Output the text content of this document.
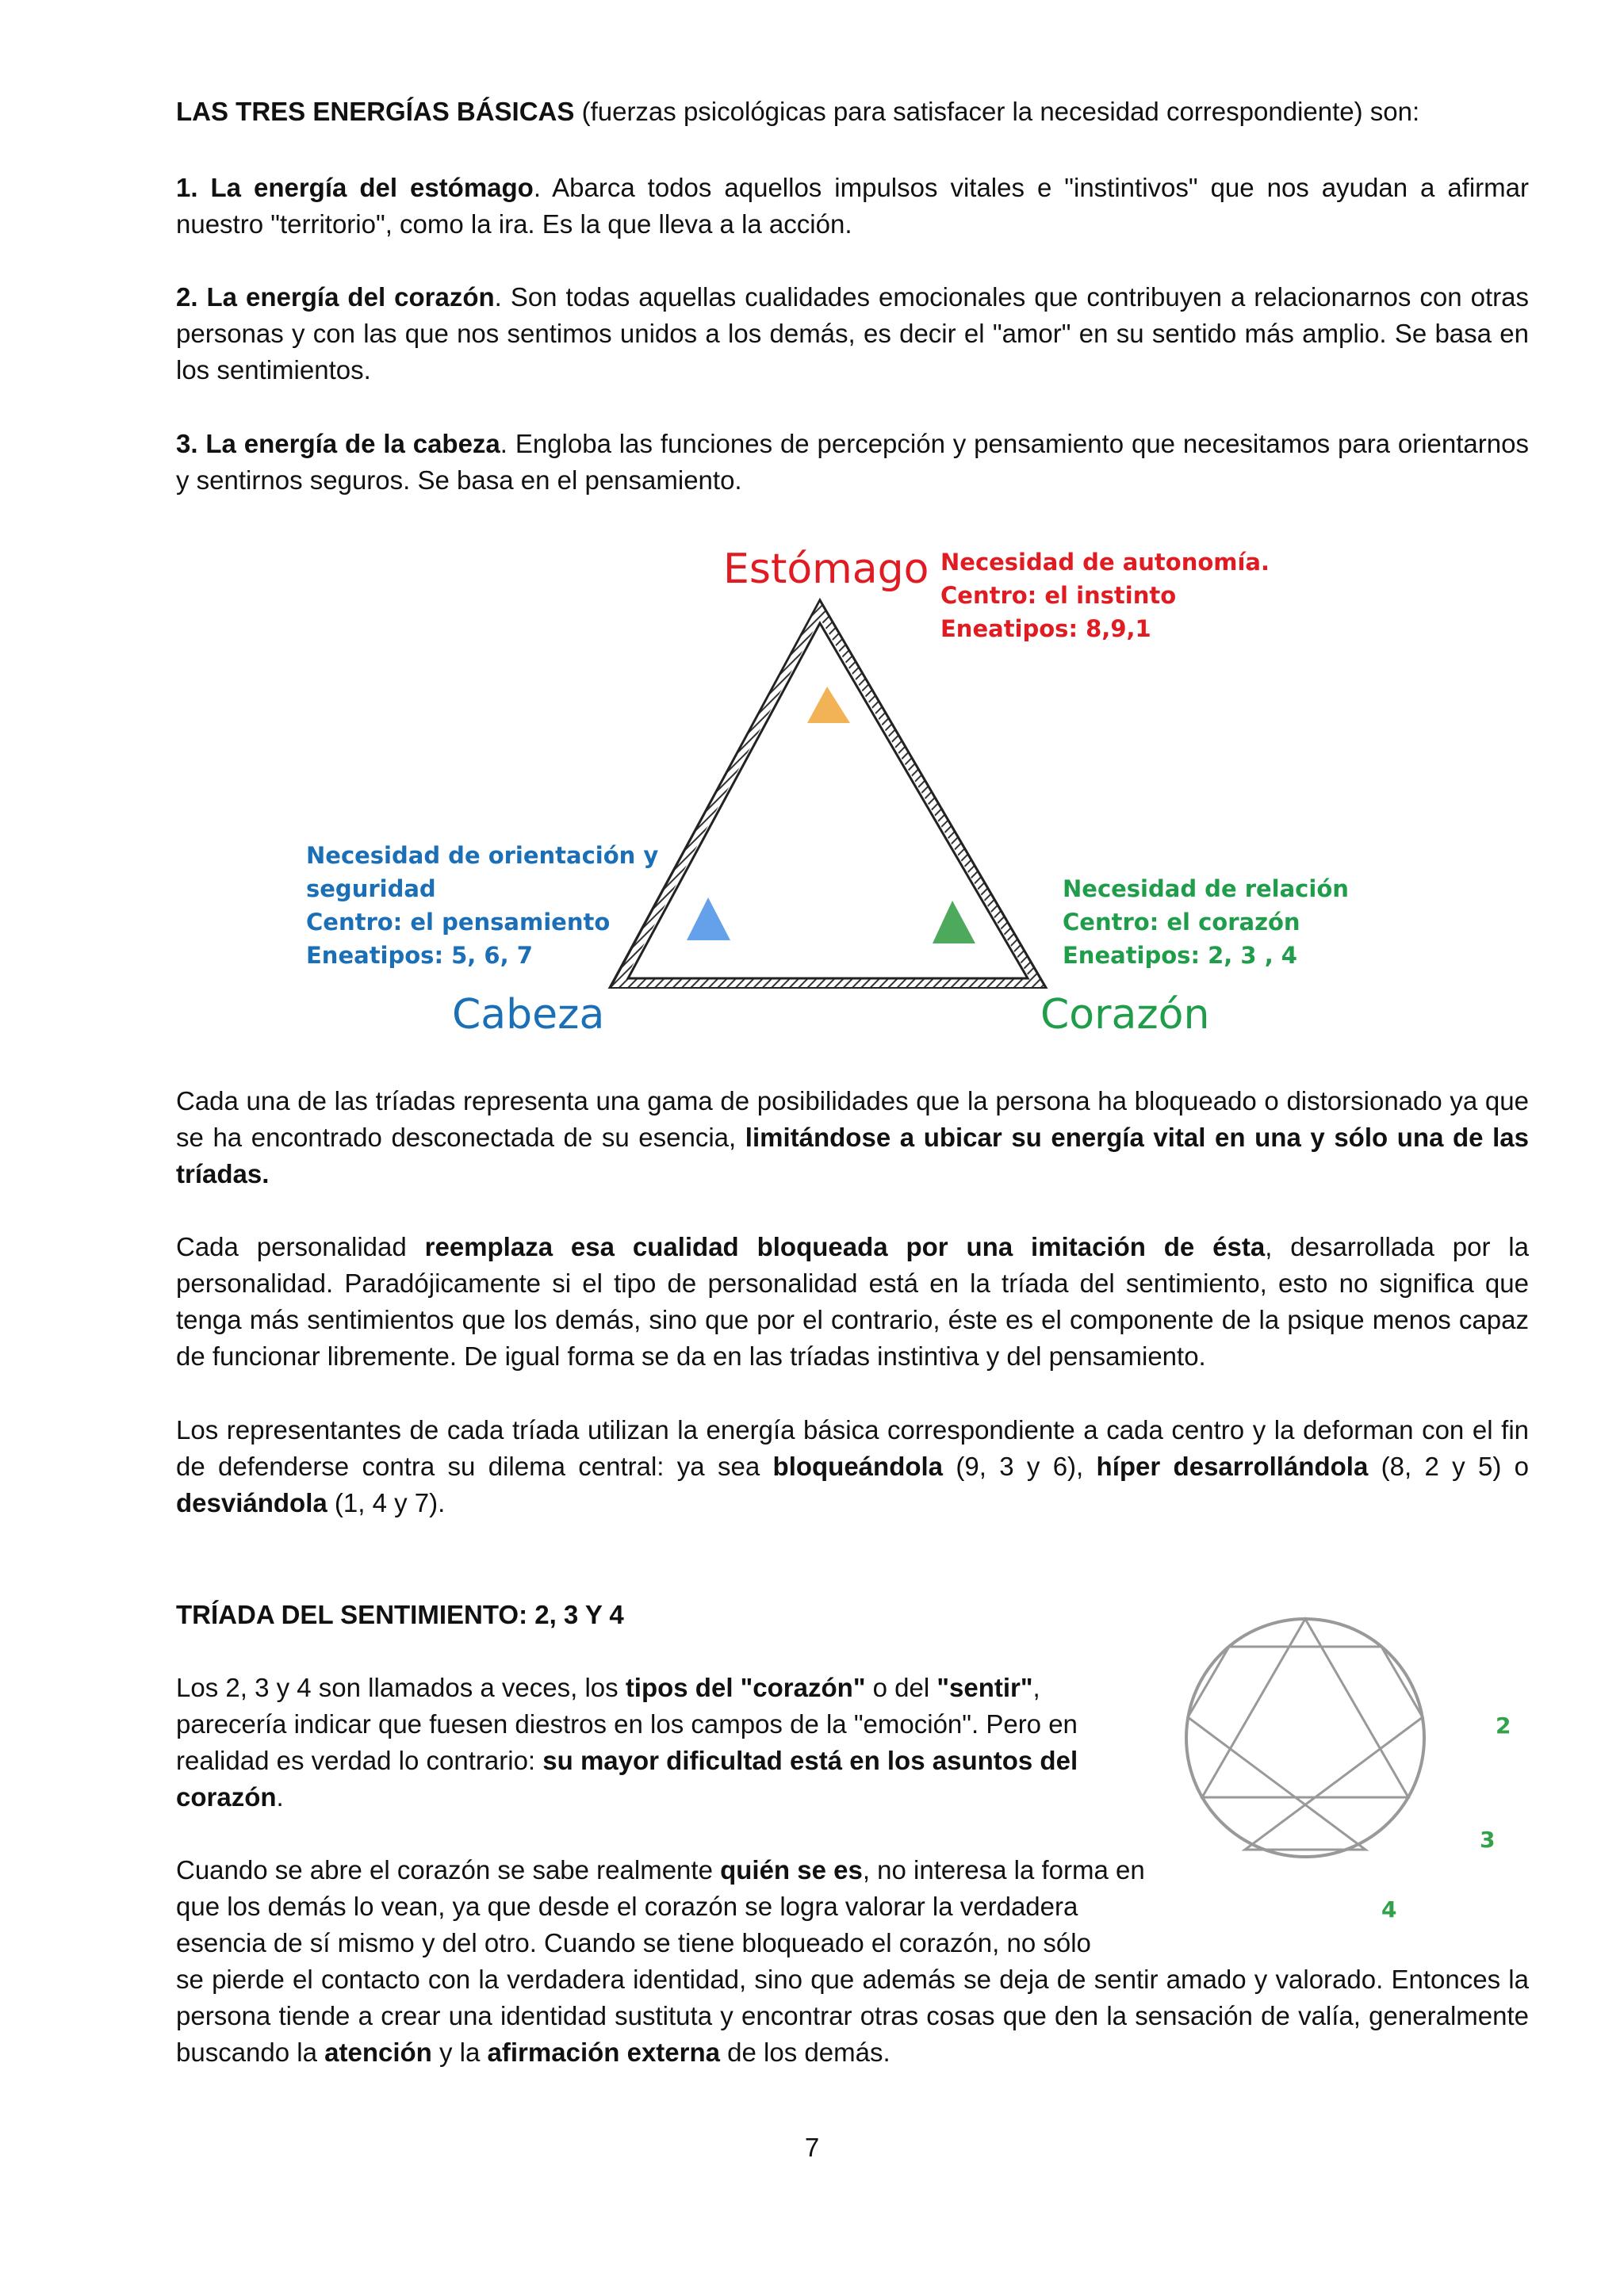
LAS TRES ENERGÍAS BÁSICAS (fuerzas psicológicas para satisfacer la necesidad correspondiente) son:
1. La energía del estómago. Abarca todos aquellos impulsos vitales e "instintivos" que nos ayudan a afirmar nuestro "territorio", como la ira. Es la que lleva a la acción.
2. La energía del corazón. Son todas aquellas cualidades emocionales que contribuyen a relacionarnos con otras personas y con las que nos sentimos unidos a los demás, es decir el "amor" en su sentido más amplio. Se basa en los sentimientos.
3. La energía de la cabeza. Engloba las funciones de percepción y pensamiento que necesitamos para orientarnos y sentirnos seguros. Se basa en el pensamiento.
Estómago Necesidad de autonomía.
Centro: el instinto
Eneatipos: 8,9,1
Necesidad de orientación y
seguridad
Centro: el pensamiento
Eneatipos: 5, 6, 7
Cabeza
Necesidad de relación
Centro: el corazón
Eneatipos: 2, 3 , 4
Corazón
Cada una de las tríadas representa una gama de posibilidades que la persona ha bloqueado o distorsionado ya que se ha encontrado desconectada de su esencia, limitándose a ubicar su energía vital en una y sólo una de las tríadas.
Cada personalidad reemplaza esa cualidad bloqueada por una imitación de ésta, desarrollada por la personalidad. Paradójicamente si el tipo de personalidad está en la tríada del sentimiento, esto no significa que tenga más sentimientos que los demás, sino que por el contrario, éste es el componente de la psique menos capaz de funcionar libremente. De igual forma se da en las tríadas instintiva y del pensamiento.
Los representantes de cada tríada utilizan la energía básica correspondiente a cada centro y la deforman con el fin de defenderse contra su dilema central: ya sea bloqueándola (9, 3 y 6), híper desarrollándola (8, 2 y 5) o desviándola (1, 4 y 7).
TRÍADA DEL SENTIMIENTO: 2, 3 Y 4
Los 2, 3 y 4 son llamados a veces, los tipos del "corazón" o del "sentir", parecería indicar que fuesen diestros en los campos de la "emoción". Pero en realidad es verdad lo contrario: su mayor dificultad está en los asuntos del corazón.
Cuando se abre el corazón se sabe realmente quién se es, no interesa la forma en que los demás lo vean, ya que desde el corazón se logra valorar la verdadera esencia de sí mismo y del otro. Cuando se tiene bloqueado el corazón, no sólo
se pierde el contacto con la verdadera identidad, sino que además se deja de sentir amado y valorado. Entonces la persona tiende a crear una identidad sustituta y encontrar otras cosas que den la sensación de valía, generalmente buscando la atención y la afirmación externa de los demás.
2
3
4
7
